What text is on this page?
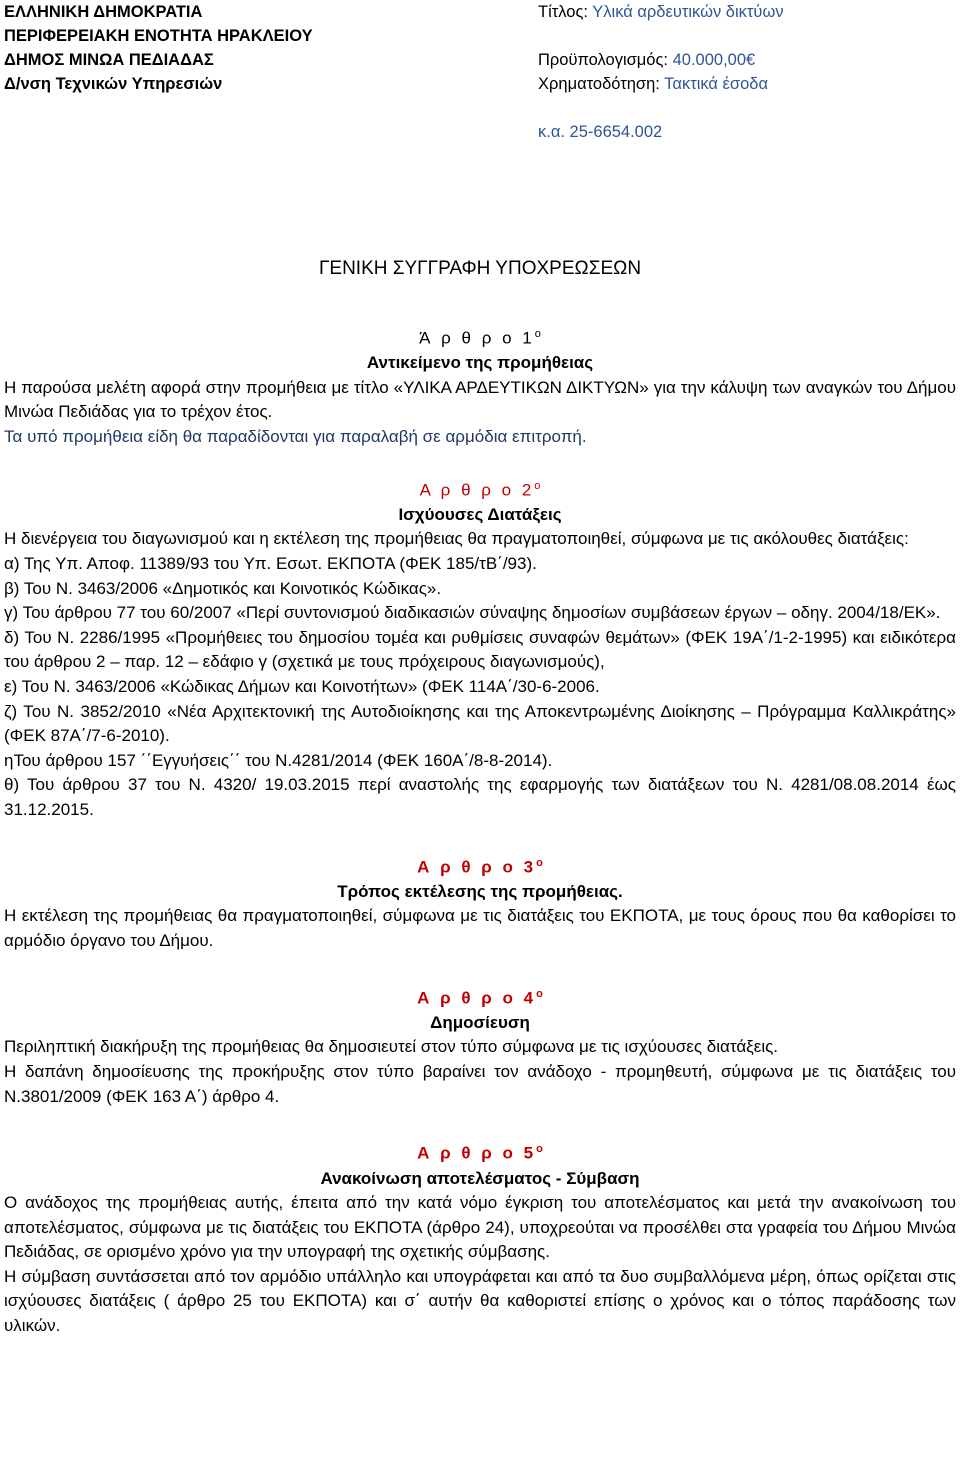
ΕΛΛΗΝΙΚΗ ΔΗΜΟΚΡΑΤΙΑ
ΠΕΡΙΦΕΡΕΙΑΚΗ ΕΝΟΤΗΤΑ ΗΡΑΚΛΕΙΟΥ
ΔΗΜΟΣ ΜΙΝΩΑ ΠΕΔΙΑΔΑΣ
Δ/νση Τεχνικών Υπηρεσιών
Τίτλος: Υλικά αρδευτικών δικτύων
Προϋπολογισμός: 40.000,00€
Χρηματοδότηση: Τακτικά έσοδα
κ.α. 25-6654.002
ΓΕΝΙΚΗ ΣΥΓΓΡΑΦΗ ΥΠΟΧΡΕΩΣΕΩΝ

Ά ρ θ ρ ο $1^o$

Αντικείμενο της προμήθειας

Η παρούσα μελέτη αφορά στην προμήθεια με τίτλο «ΥΛΙΚΑ ΑΡΔΕΥΤΙΚΩΝ ΔΙΚΤΥΩΝ» για την κάλυψη των αναγκών του Δήμου Μινώα Πεδιάδας για το τρέχον έτος.

Τα υπό προμήθεια είδη θα παραδίδονται για παραλαβή σε αρμόδια επιτροπή.

Α ρ θ ρ ο $2^o$

Ισχύουσες Διατάξεις

Η διενέργεια του διαγωνισμού και η εκτέλεση της προμήθειας θα πραγματοποιηθεί, σύμφωνα με τις ακόλουθες διατάξεις:

α) Της Υπ. Αποφ. 11389/93 του Υπ. Εσωτ. ΕΚΠΟΤΑ (ΦΕΚ 185/τΒ΄/93).

β) Του Ν. 3463/2006 «Δημοτικός και Κοινοτικός Κώδικας».

γ) Του άρθρου 77 του 60/2007 «Περί συντονισμού διαδικασιών σύναψης δημοσίων συμβάσεων έργων – οδηγ. 2004/18/ΕΚ».

δ) Του Ν. 2286/1995 «Προμήθειες του δημοσίου τομέα και ρυθμίσεις συναφών θεμάτων» (ΦΕΚ 19Α΄/1-2-1995) και ειδικότερα του άρθρου 2 – παρ. 12 – εδάφιο γ (σχετικά με τους πρόχειρους διαγωνισμούς),

ε) Του Ν. 3463/2006 «Κώδικας Δήμων και Κοινοτήτων» (ΦΕΚ 114Α΄/30-6-2006.

ζ) Του Ν. 3852/2010 «Νέα Αρχιτεκτονική της Αυτοδιοίκησης και της Αποκεντρωμένης Διοίκησης – Πρόγραμμα Καλλικράτης» (ΦΕΚ 87Α΄/7-6-2010).

ηΤου άρθρου 157 ΄΄Εγγυήσεις΄΄ του Ν.4281/2014 (ΦΕΚ 160Α΄/8-8-2014).

θ) Του άρθρου 37 του Ν. 4320/ 19.03.2015 περί αναστολής της εφαρμογής των διατάξεων του Ν. 4281/08.08.2014 έως 31.12.2015.

Α ρ θ ρ ο $3^o$

Τρόπος εκτέλεσης της προμήθειας.

Η εκτέλεση της προμήθειας θα πραγματοποιηθεί, σύμφωνα με τις διατάξεις του ΕΚΠΟΤΑ, με τους όρους που θα καθορίσει το αρμόδιο όργανο του Δήμου.

Α ρ θ ρ ο $4^o$

Δημοσίευση

Περιληπτική διακήρυξη της προμήθειας θα δημοσιευτεί στον τύπο σύμφωνα με τις ισχύουσες διατάξεις.

Η δαπάνη δημοσίευσης της προκήρυξης στον τύπο βαραίνει τον ανάδοχο - προμηθευτή, σύμφωνα με τις διατάξεις του Ν.3801/2009 (ΦΕΚ 163 Α΄) άρθρο 4.

Α ρ θ ρ ο $5^o$

Ανακοίνωση αποτελέσματος - Σύμβαση

Ο ανάδοχος της προμήθειας αυτής, έπειτα από την κατά νόμο έγκριση του αποτελέσματος και μετά την ανακοίνωση του αποτελέσματος, σύμφωνα με τις διατάξεις του ΕΚΠΟΤΑ (άρθρο 24), υποχρεούται να προσέλθει στα γραφεία του Δήμου Μινώα Πεδιάδας, σε ορισμένο χρόνο για την υπογραφή της σχετικής σύμβασης.

Η σύμβαση συντάσσεται από τον αρμόδιο υπάλληλο και υπογράφεται και από τα δυο συμβαλλόμενα μέρη, όπως ορίζεται στις ισχύουσες διατάξεις ( άρθρο 25 του ΕΚΠΟΤΑ) και σ΄ αυτήν θα καθοριστεί επίσης ο χρόνος και ο τόπος παράδοσης των υλικών.
